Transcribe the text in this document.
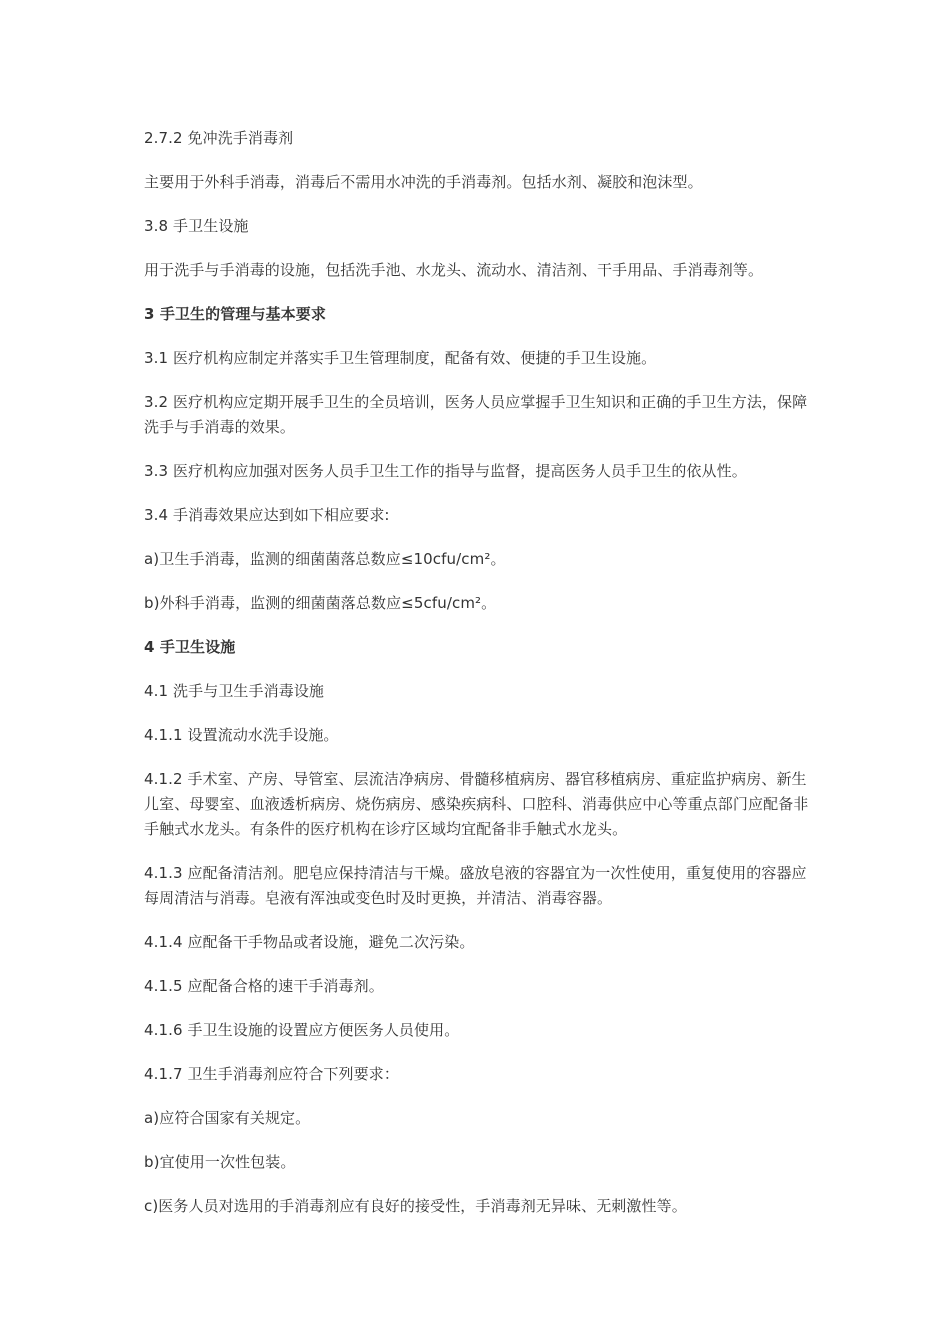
2.7.2 免冲洗手消毒剂

主要用于外科手消毒，消毒后不需用水冲洗的手消毒剂。包括水剂、凝胶和泡沫型。

3.8 手卫生设施

用于洗手与手消毒的设施，包括洗手池、水龙头、流动水、清洁剂、干手用品、手消毒剂等。

3 手卫生的管理与基本要求

3.1 医疗机构应制定并落实手卫生管理制度，配备有效、便捷的手卫生设施。

3.2 医疗机构应定期开展手卫生的全员培训，医务人员应掌握手卫生知识和正确的手卫生方法，保障洗手与手消毒的效果。

3.3 医疗机构应加强对医务人员手卫生工作的指导与监督，提高医务人员手卫生的依从性。

3.4 手消毒效果应达到如下相应要求:

a)卫生手消毒，监测的细菌菌落总数应≤10cfu/cm²。

b)外科手消毒，监测的细菌菌落总数应≤5cfu/cm²。

4 手卫生设施

4.1 洗手与卫生手消毒设施

4.1.1 设置流动水洗手设施。

4.1.2 手术室、产房、导管室、层流洁净病房、骨髓移植病房、器官移植病房、重症监护病房、新生儿室、母婴室、血液透析病房、烧伤病房、感染疾病科、口腔科、消毒供应中心等重点部门应配备非手触式水龙头。有条件的医疗机构在诊疗区域均宜配备非手触式水龙头。

4.1.3 应配备清洁剂。肥皂应保持清洁与干燥。盛放皂液的容器宜为一次性使用，重复使用的容器应每周清洁与消毒。皂液有浑浊或变色时及时更换，并清洁、消毒容器。

4.1.4 应配备干手物品或者设施，避免二次污染。

4.1.5 应配备合格的速干手消毒剂。

4.1.6 手卫生设施的设置应方便医务人员使用。

4.1.7 卫生手消毒剂应符合下列要求：

a)应符合国家有关规定。

b)宜使用一次性包装。

c)医务人员对选用的手消毒剂应有良好的接受性，手消毒剂无异味、无刺激性等。
